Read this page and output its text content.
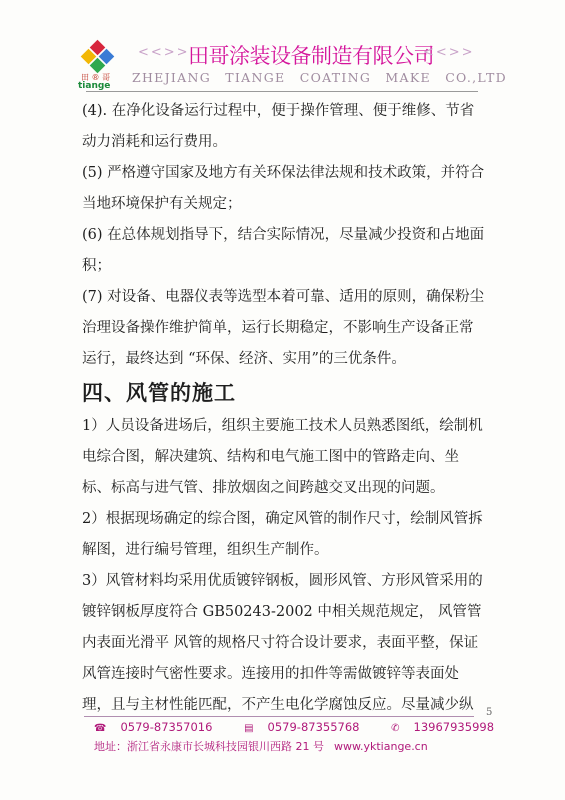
田 ® 哥
tiange
<<>>
田哥涂装设备制造有限公司
<<>>
ZHEJIANG TIANGE COATING MAKE CO.,LTD

(4). 在净化设备运行过程中，便于操作管理、便于维修、节省动力消耗和运行费用。

(5) 严格遵守国家及地方有关环保法律法规和技术政策，并符合当地环境保护有关规定；

(6) 在总体规划指导下，结合实际情况，尽量减少投资和占地面积；

(7) 对设备、电器仪表等选型本着可靠、适用的原则，确保粉尘治理设备操作维护简单，运行长期稳定，不影响生产设备正常运行，最终达到 “环保、经济、实用”的三优条件。

四、风管的施工

1）人员设备进场后，组织主要施工技术人员熟悉图纸，绘制机电综合图，解决建筑、结构和电气施工图中的管路走向、坐标、标高与进气管、排放烟囱之间跨越交叉出现的问题。

2）根据现场确定的综合图，确定风管的制作尺寸，绘制风管拆解图，进行编号管理，组织生产制作。

3）风管材料均采用优质镀锌钢板，圆形风管、方形风管采用的镀锌钢板厚度符合 GB50243-2002 中相关规范规定， 风管管内表面光滑平 风管的规格尺寸符合设计要求，表面平整，保证风管连接时气密性要求。连接用的扣件等需做镀锌等表面处理，且与主材性能匹配，不产生电化学腐蚀反应。尽量减少纵	5
☎ 0579-87357016	▤ 0579-87355768	✆ 13967935998
地址：浙江省永康市长城科技园银川西路 21 号 www.yktiange.cn
